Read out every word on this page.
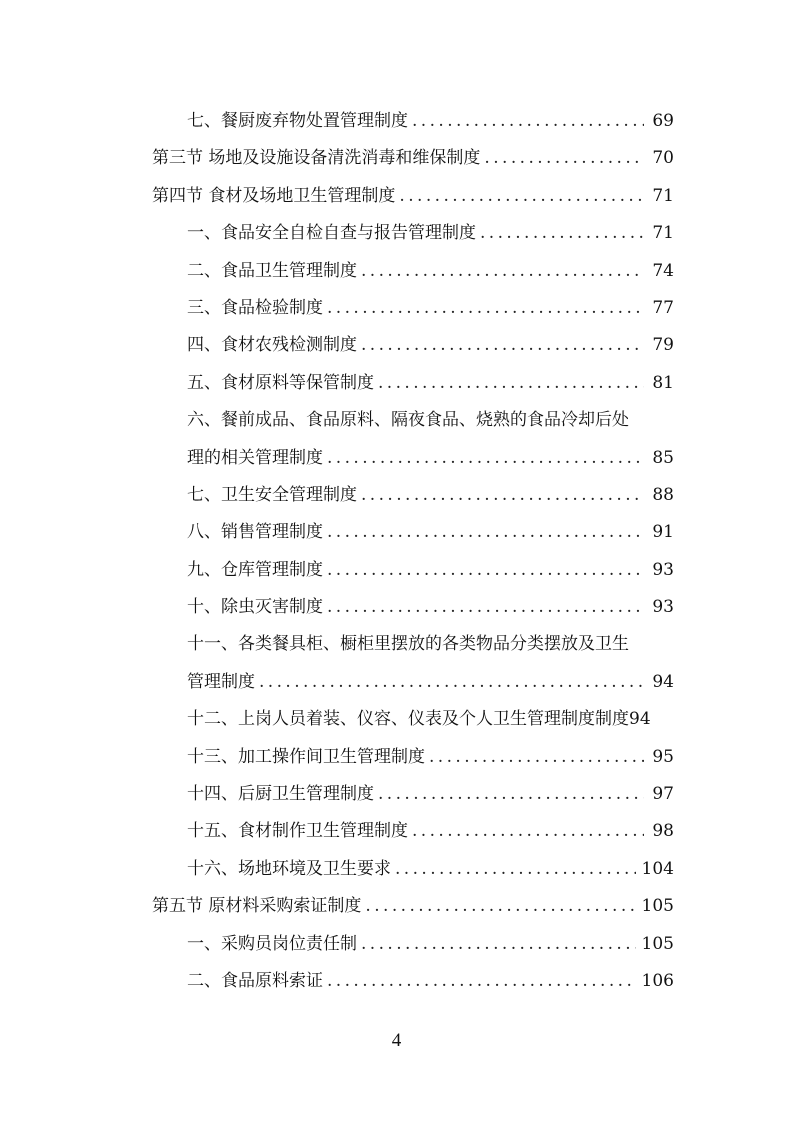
七、餐厨废弃物处置管理制度 . . .	69
第三节 场地及设施设备清洗消毒和维保制度 . . .	70
第四节 食材及场地卫生管理制度 . . .	71
一、食品安全自检自查与报告管理制度 . . .	71
二、食品卫生管理制度 . . .	74
三、食品检验制度 . . .	77
四、食材农残检测制度 . . .	79
五、食材原料等保管制度 . . .	81
六、餐前成品、食品原料、隔夜食品、烧熟的食品冷却后处
理的相关管理制度 . . .	85
七、卫生安全管理制度 . . .	88
八、销售管理制度 . . .	91
九、仓库管理制度 . . .	93
十、除虫灭害制度 . . .	93
十一、各类餐具柜、橱柜里摆放的各类物品分类摆放及卫生
管理制度 . . .	94
十二、上岗人员着装、仪容、仪表及个人卫生管理制度制度94
十三、加工操作间卫生管理制度 . . .	95
十四、后厨卫生管理制度 . . .	97
十五、食材制作卫生管理制度 . . .	98
十六、场地环境及卫生要求 . . .	104
第五节 原材料采购索证制度 . . .	105
一、采购员岗位责任制 . . .	105
二、食品原料索证 . . .	106
4
